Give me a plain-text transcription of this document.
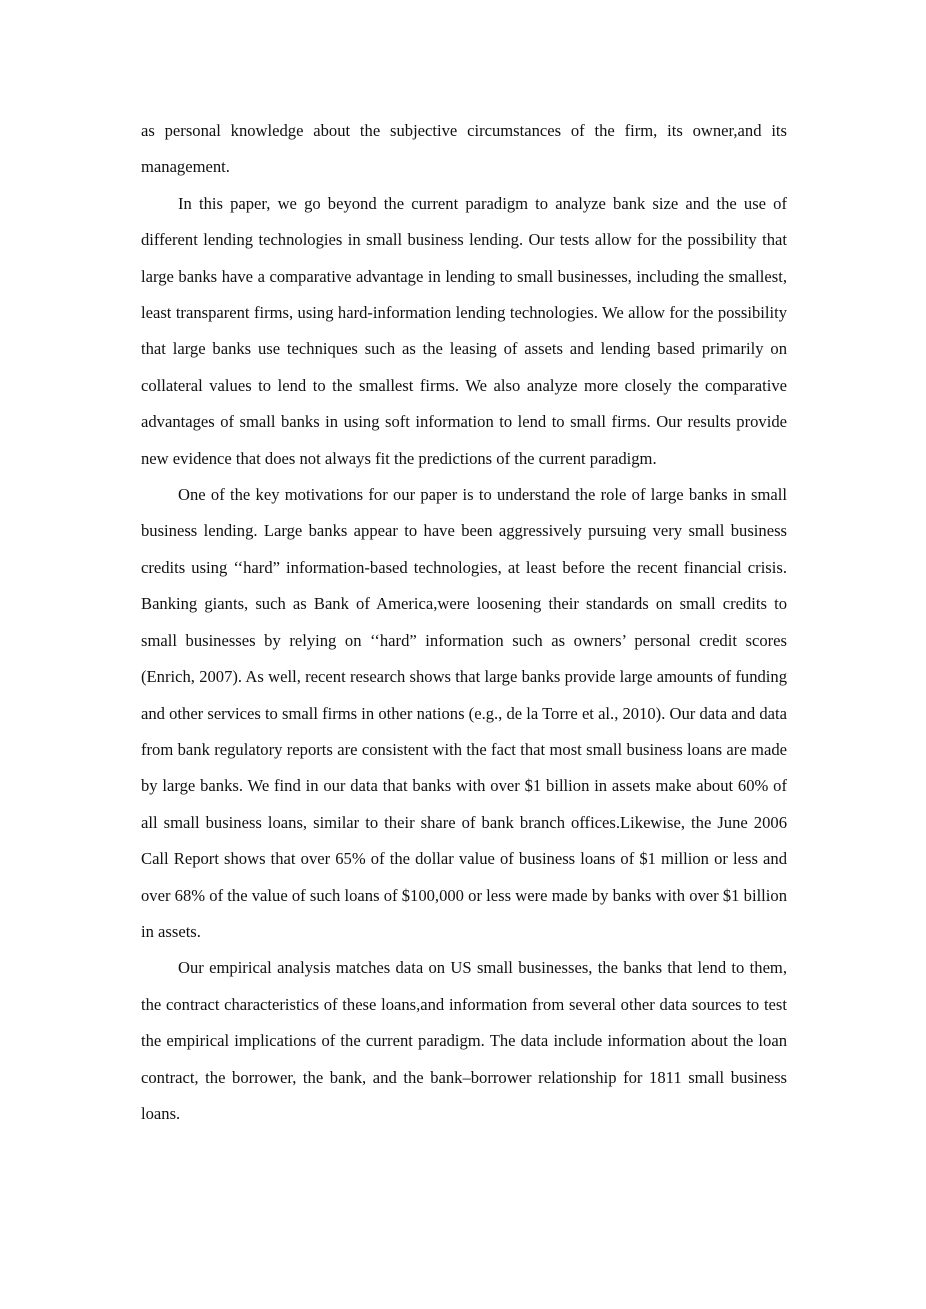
as personal knowledge about the subjective circumstances of the firm, its owner,and its management.

In this paper, we go beyond the current paradigm to analyze bank size and the use of different lending technologies in small business lending. Our tests allow for the possibility that large banks have a comparative advantage in lending to small businesses, including the smallest, least transparent firms, using hard-information lending technologies. We allow for the possibility that large banks use techniques such as the leasing of assets and lending based primarily on collateral values to lend to the smallest firms. We also analyze more closely the comparative advantages of small banks in using soft information to lend to small firms. Our results provide new evidence that does not always fit the predictions of the current paradigm.

One of the key motivations for our paper is to understand the role of large banks in small business lending. Large banks appear to have been aggressively pursuing very small business credits using ‘‘hard” information-based technologies, at least before the recent financial crisis. Banking giants, such as Bank of America,were loosening their standards on small credits to small businesses by relying on ‘‘hard” information such as owners’ personal credit scores (Enrich, 2007). As well, recent research shows that large banks provide large amounts of funding and other services to small firms in other nations (e.g., de la Torre et al., 2010). Our data and data from bank regulatory reports are consistent with the fact that most small business loans are made by large banks. We find in our data that banks with over $1 billion in assets make about 60% of all small business loans, similar to their share of bank branch offices.Likewise, the June 2006 Call Report shows that over 65% of the dollar value of business loans of $1 million or less and over 68% of the value of such loans of $100,000 or less were made by banks with over $1 billion in assets.

Our empirical analysis matches data on US small businesses, the banks that lend to them, the contract characteristics of these loans,and information from several other data sources to test the empirical implications of the current paradigm. The data include information about the loan contract, the borrower, the bank, and the bank–borrower relationship for 1811 small business loans.
